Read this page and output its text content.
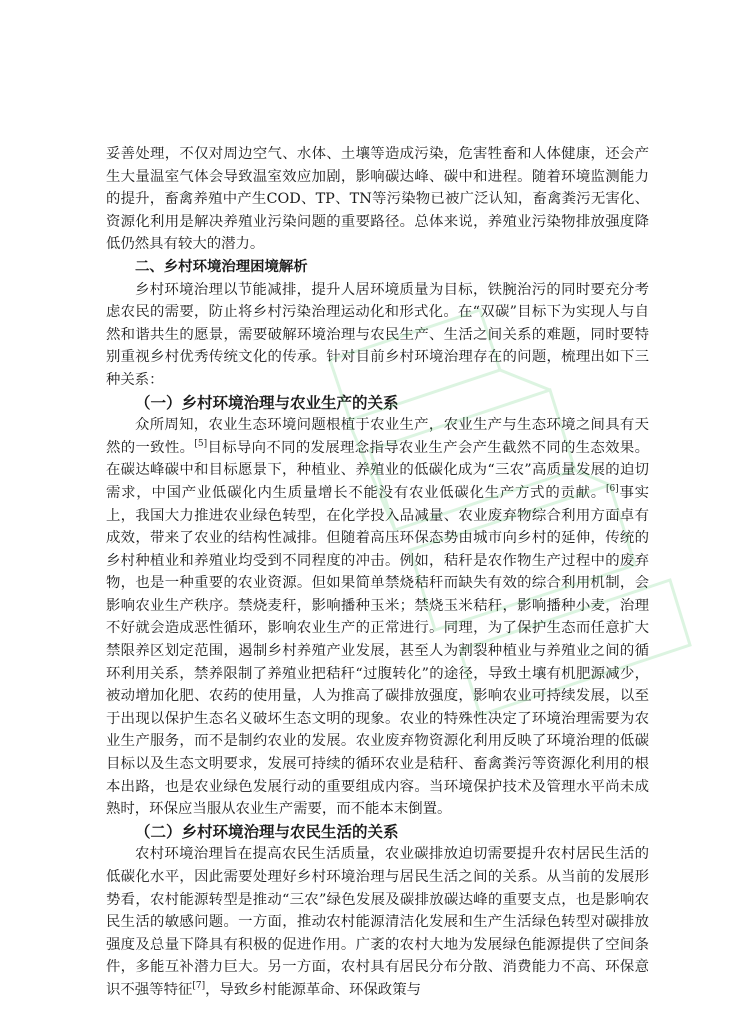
妥善处理，不仅对周边空气、水体、土壤等造成污染，危害牲畜和人体健康，还会产生大量温室气体会导致温室效应加剧，影响碳达峰、碳中和进程。随着环境监测能力的提升，畜禽养殖中产生COD、TP、TN等污染物已被广泛认知，畜禽粪污无害化、资源化利用是解决养殖业污染问题的重要路径。总体来说，养殖业污染物排放强度降低仍然具有较大的潜力。

二、乡村环境治理困境解析

乡村环境治理以节能减排，提升人居环境质量为目标，铁腕治污的同时要充分考虑农民的需要，防止将乡村污染治理运动化和形式化。在“双碳”目标下为实现人与自然和谐共生的愿景，需要破解环境治理与农民生产、生活之间关系的难题，同时要特别重视乡村优秀传统文化的传承。针对目前乡村环境治理存在的问题，梳理出如下三种关系：

（一）乡村环境治理与农业生产的关系

众所周知，农业生态环境问题根植于农业生产，农业生产与生态环境之间具有天然的一致性。[5]目标导向不同的发展理念指导农业生产会产生截然不同的生态效果。在碳达峰碳中和目标愿景下，种植业、养殖业的低碳化成为“三农”高质量发展的迫切需求，中国产业低碳化内生质量增长不能没有农业低碳化生产方式的贡献。[6]事实上，我国大力推进农业绿色转型，在化学投入品减量、农业废弃物综合利用方面卓有成效，带来了农业的结构性减排。但随着高压环保态势由城市向乡村的延伸，传统的乡村种植业和养殖业均受到不同程度的冲击。例如，秸秆是农作物生产过程中的废弃物，也是一种重要的农业资源。但如果简单禁烧秸秆而缺失有效的综合利用机制，会影响农业生产秩序。禁烧麦秆，影响播种玉米；禁烧玉米秸秆，影响播种小麦，治理不好就会造成恶性循环，影响农业生产的正常进行。同理，为了保护生态而任意扩大禁限养区划定范围，遏制乡村养殖产业发展，甚至人为割裂种植业与养殖业之间的循环利用关系，禁养限制了养殖业把秸秆“过腹转化”的途径，导致土壤有机肥源减少，被动增加化肥、农药的使用量，人为推高了碳排放强度，影响农业可持续发展，以至于出现以保护生态名义破坏生态文明的现象。农业的特殊性决定了环境治理需要为农业生产服务，而不是制约农业的发展。农业废弃物资源化利用反映了环境治理的低碳目标以及生态文明要求，发展可持续的循环农业是秸秆、畜禽粪污等资源化利用的根本出路，也是农业绿色发展行动的重要组成内容。当环境保护技术及管理水平尚未成熟时，环保应当服从农业生产需要，而不能本末倒置。

（二）乡村环境治理与农民生活的关系

农村环境治理旨在提高农民生活质量，农业碳排放迫切需要提升农村居民生活的低碳化水平，因此需要处理好乡村环境治理与居民生活之间的关系。从当前的发展形势看，农村能源转型是推动“三农”绿色发展及碳排放碳达峰的重要支点，也是影响农民生活的敏感问题。一方面，推动农村能源清洁化发展和生产生活绿色转型对碳排放强度及总量下降具有积极的促进作用。广袤的农村大地为发展绿色能源提供了空间条件，多能互补潜力巨大。另一方面，农村具有居民分布分散、消费能力不高、环保意识不强等特征[7]，导致乡村能源革命、环保政策与
